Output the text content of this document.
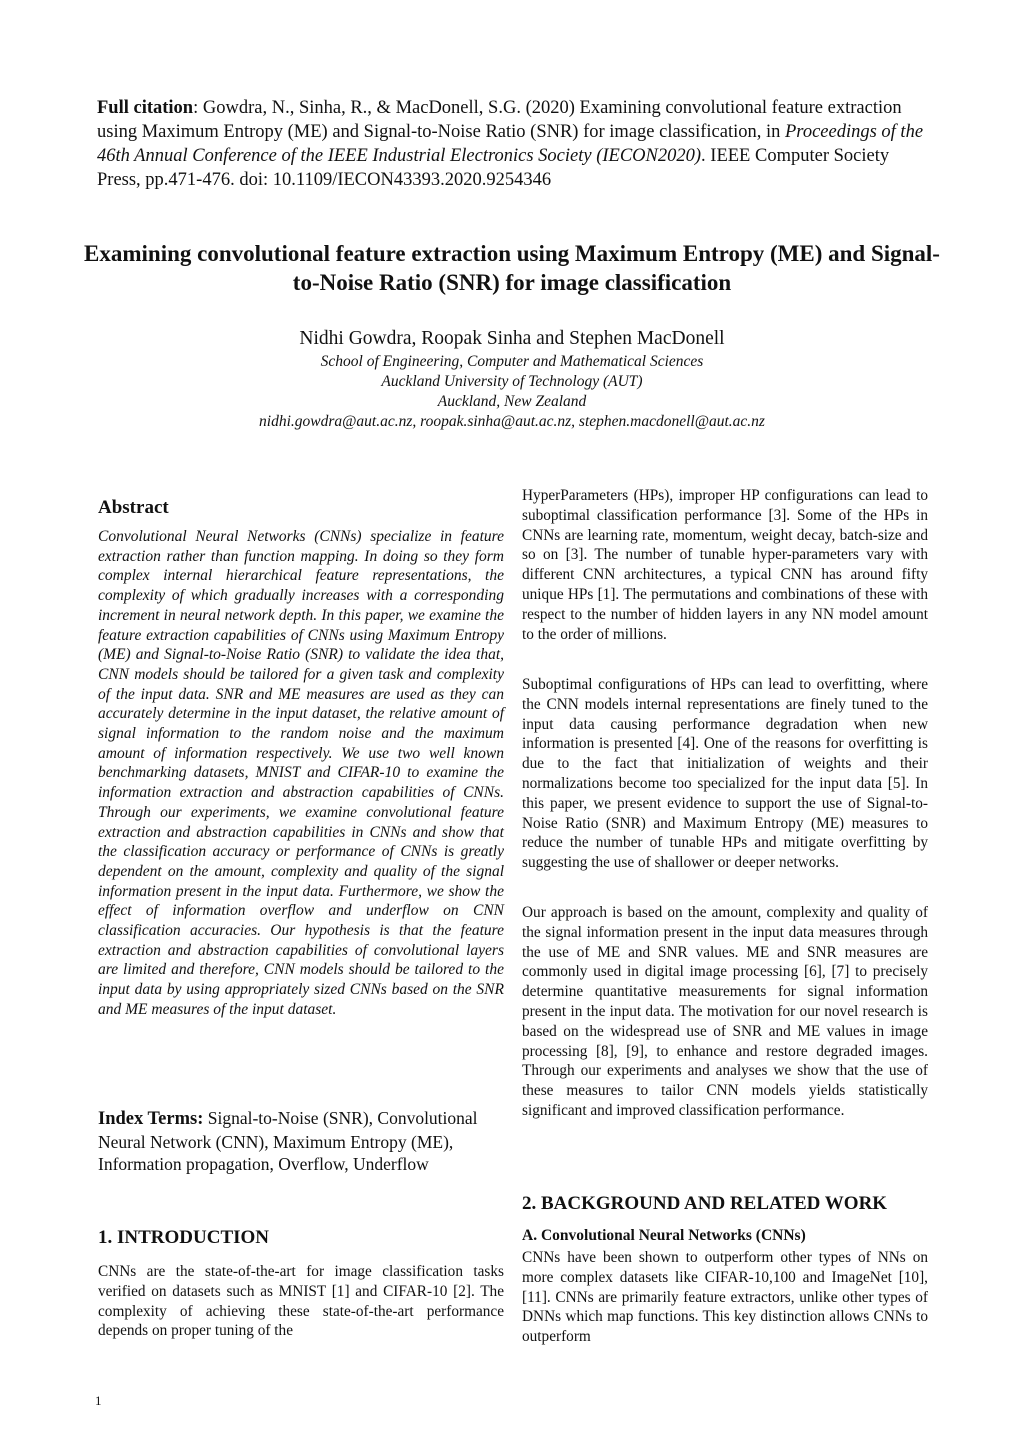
Full citation: Gowdra, N., Sinha, R., & MacDonell, S.G. (2020) Examining convolutional feature extraction using Maximum Entropy (ME) and Signal-to-Noise Ratio (SNR) for image classification, in Proceedings of the 46th Annual Conference of the IEEE Industrial Electronics Society (IECON2020). IEEE Computer Society Press, pp.471-476. doi: 10.1109/IECON43393.2020.9254346
Examining convolutional feature extraction using Maximum Entropy (ME) and Signal-to-Noise Ratio (SNR) for image classification
Nidhi Gowdra, Roopak Sinha and Stephen MacDonell
School of Engineering, Computer and Mathematical Sciences
Auckland University of Technology (AUT)
Auckland, New Zealand
nidhi.gowdra@aut.ac.nz, roopak.sinha@aut.ac.nz, stephen.macdonell@aut.ac.nz
Abstract
Convolutional Neural Networks (CNNs) specialize in feature extraction rather than function mapping. In doing so they form complex internal hierarchical feature representations, the complexity of which gradually increases with a corresponding increment in neural network depth. In this paper, we examine the feature extraction capabilities of CNNs using Maximum Entropy (ME) and Signal-to-Noise Ratio (SNR) to validate the idea that, CNN models should be tailored for a given task and complexity of the input data. SNR and ME measures are used as they can accurately determine in the input dataset, the relative amount of signal information to the random noise and the maximum amount of information respectively. We use two well known benchmarking datasets, MNIST and CIFAR-10 to examine the information extraction and abstraction capabilities of CNNs. Through our experiments, we examine convolutional feature extraction and abstraction capabilities in CNNs and show that the classification accuracy or performance of CNNs is greatly dependent on the amount, complexity and quality of the signal information present in the input data. Furthermore, we show the effect of information overflow and underflow on CNN classification accuracies. Our hypothesis is that the feature extraction and abstraction capabilities of convolutional layers are limited and therefore, CNN models should be tailored to the input data by using appropriately sized CNNs based on the SNR and ME measures of the input dataset.
Index Terms: Signal-to-Noise (SNR), Convolutional Neural Network (CNN), Maximum Entropy (ME), Information propagation, Overflow, Underflow
1. INTRODUCTION
CNNs are the state-of-the-art for image classification tasks verified on datasets such as MNIST [1] and CIFAR-10 [2]. The complexity of achieving these state-of-the-art performance depends on proper tuning of the
HyperParameters (HPs), improper HP configurations can lead to suboptimal classification performance [3]. Some of the HPs in CNNs are learning rate, momentum, weight decay, batch-size and so on [3]. The number of tunable hyper-parameters vary with different CNN architectures, a typical CNN has around fifty unique HPs [1]. The permutations and combinations of these with respect to the number of hidden layers in any NN model amount to the order of millions.
Suboptimal configurations of HPs can lead to overfitting, where the CNN models internal representations are finely tuned to the input data causing performance degradation when new information is presented [4]. One of the reasons for overfitting is due to the fact that initialization of weights and their normalizations become too specialized for the input data [5]. In this paper, we present evidence to support the use of Signal-to-Noise Ratio (SNR) and Maximum Entropy (ME) measures to reduce the number of tunable HPs and mitigate overfitting by suggesting the use of shallower or deeper networks.
Our approach is based on the amount, complexity and quality of the signal information present in the input data measures through the use of ME and SNR values. ME and SNR measures are commonly used in digital image processing [6], [7] to precisely determine quantitative measurements for signal information present in the input data. The motivation for our novel research is based on the widespread use of SNR and ME values in image processing [8], [9], to enhance and restore degraded images. Through our experiments and analyses we show that the use of these measures to tailor CNN models yields statistically significant and improved classification performance.
2. BACKGROUND AND RELATED WORK
A. Convolutional Neural Networks (CNNs)
CNNs have been shown to outperform other types of NNs on more complex datasets like CIFAR-10,100 and ImageNet [10], [11]. CNNs are primarily feature extractors, unlike other types of DNNs which map functions. This key distinction allows CNNs to outperform
1
